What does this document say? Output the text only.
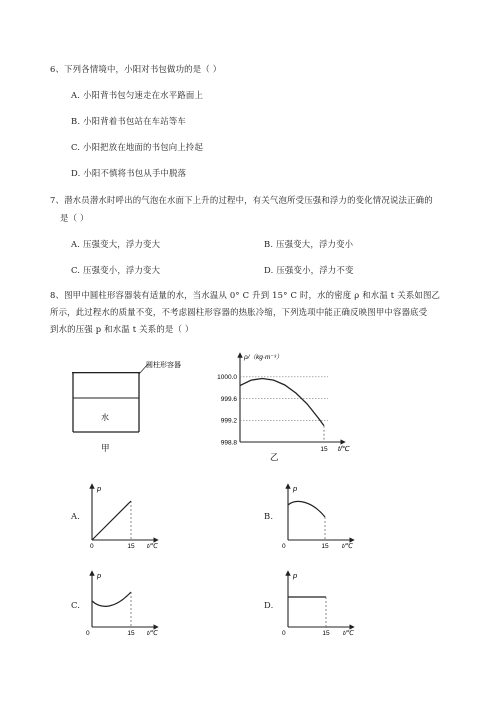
6、下列各情境中，小阳对书包做功的是（ ）
A. 小阳背书包匀速走在水平路面上
B. 小阳背着书包站在车站等车
C. 小阳把放在地面的书包向上拎起
D. 小阳不慎将书包从手中脱落
7、潜水员潜水时呼出的气泡在水面下上升的过程中，有关气泡所受压强和浮力的变化情况说法正确的
是（ ）
A. 压强变大，浮力变大	B. 压强变大，浮力变小
C. 压强变小，浮力变大	D. 压强变小，浮力不变
8、图甲中圆柱形容器装有适量的水，当水温从 0° C 升到 15° C 时，水的密度 ρ 和水温 t 关系如图乙
所示，此过程水的质量不变，不考虑圆柱形容器的热胀冷缩，下列选项中能正确反映图甲中容器底受
到水的压强 p 和水温 t 关系的是（ ）
圆柱形容器
水
甲
ρ/（kg·m⁻³）
1000.0
999.6
999.2
998.8
15 t/℃
乙
A.
p
0	15 t/℃
B.
p
0	15 t/℃
C.
p
0	15 t/℃
D.
p
0	15 t/℃
